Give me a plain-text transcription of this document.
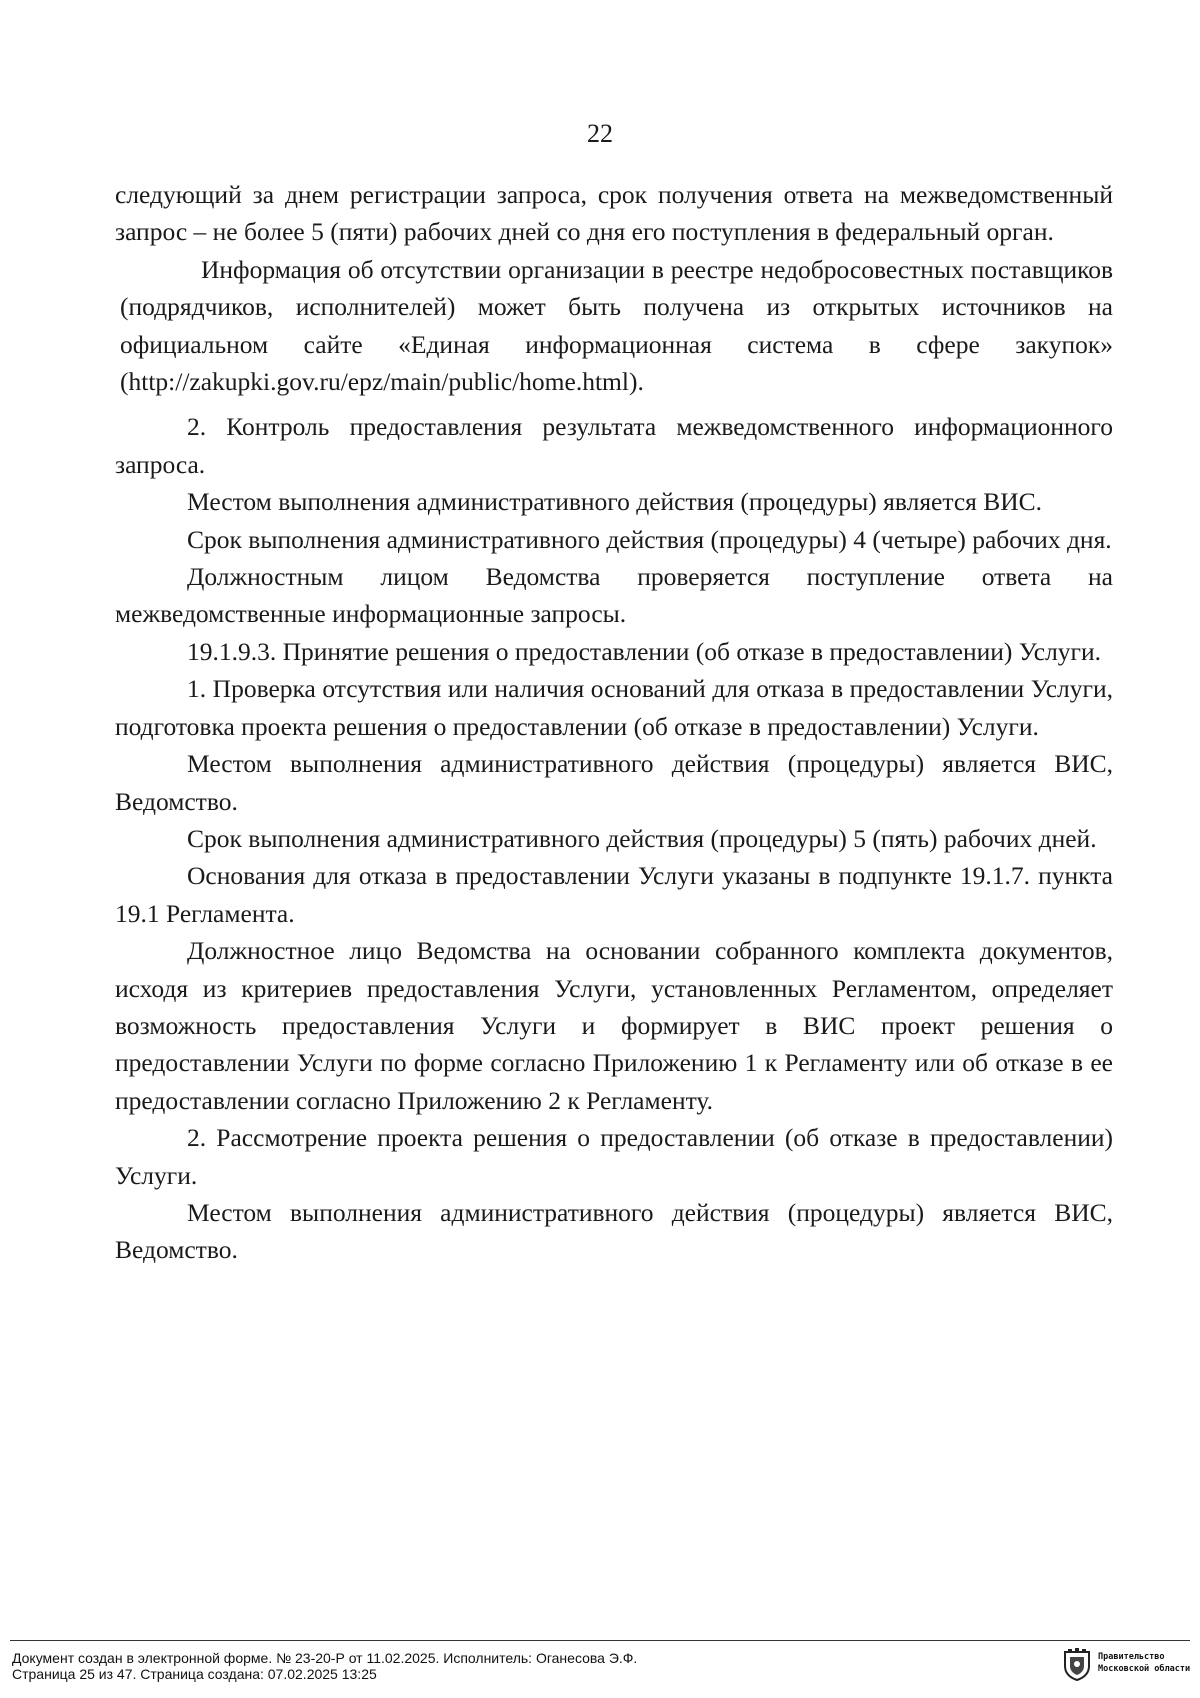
22

следующий за днем регистрации запроса, срок получения ответа на межведомственный запрос – не более 5 (пяти) рабочих дней со дня его поступления в федеральный орган.

Информация об отсутствии организации в реестре недобросовестных поставщиков (подрядчиков, исполнителей) может быть получена из открытых источников на официальном сайте «Единая информационная система в сфере закупок» (http://zakupki.gov.ru/epz/main/public/home.html).

2. Контроль предоставления результата межведомственного информационного запроса.

Местом выполнения административного действия (процедуры) является ВИС.

Срок выполнения административного действия (процедуры) 4 (четыре) рабочих дня.

Должностным лицом Ведомства проверяется поступление ответа на межведомственные информационные запросы.

19.1.9.3. Принятие решения о предоставлении (об отказе в предоставлении) Услуги.

1. Проверка отсутствия или наличия оснований для отказа в предоставлении Услуги, подготовка проекта решения о предоставлении (об отказе в предоставлении) Услуги.

Местом выполнения административного действия (процедуры) является ВИС, Ведомство.

Срок выполнения административного действия (процедуры) 5 (пять) рабочих дней.

Основания для отказа в предоставлении Услуги указаны в подпункте 19.1.7. пункта 19.1 Регламента.

Должностное лицо Ведомства на основании собранного комплекта документов, исходя из критериев предоставления Услуги, установленных Регламентом, определяет возможность предоставления Услуги и формирует в ВИС проект решения о предоставлении Услуги по форме согласно Приложению 1 к Регламенту или об отказе в ее предоставлении согласно Приложению 2 к Регламенту.

2. Рассмотрение проекта решения о предоставлении (об отказе в предоставлении) Услуги.

Местом выполнения административного действия (процедуры) является ВИС, Ведомство.

Документ создан в электронной форме. № 23-20-Р от 11.02.2025. Исполнитель: Оганесова Э.Ф.
Страница 25 из 47. Страница создана: 07.02.2025 13:25
Правительство
Московской области
